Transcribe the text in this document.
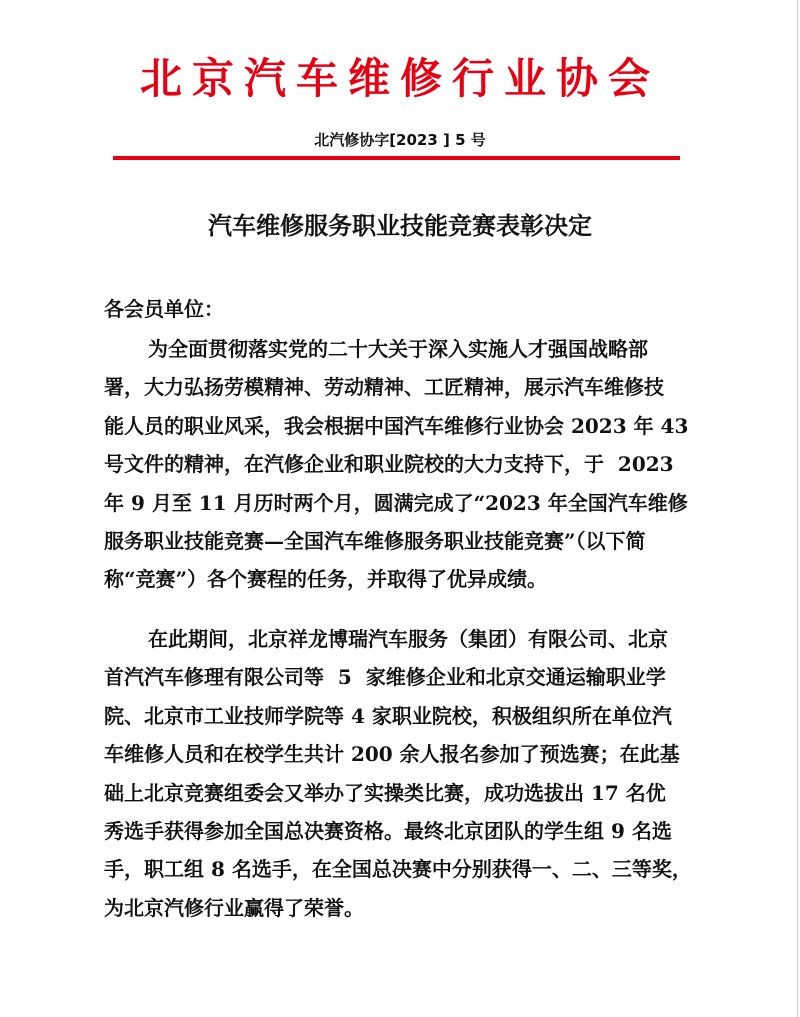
北京汽车维修行业协会
北汽修协字[2023 ] 5 号
汽车维修服务职业技能竞赛表彰决定
各会员单位：
为全面贯彻落实党的二十大关于深入实施人才强国战略部
署，大力弘扬劳模精神、劳动精神、工匠精神，展示汽车维修技
能人员的职业风采，我会根据中国汽车维修行业协会 2023 年 43
号文件的精神，在汽修企业和职业院校的大力支持下，于  2023
年 9 月至 11 月历时两个月，圆满完成了“2023 年全国汽车维修
服务职业技能竞赛—全国汽车维修服务职业技能竞赛”（以下简
称“竞赛”）各个赛程的任务，并取得了优异成绩。
在此期间，北京祥龙博瑞汽车服务（集团）有限公司、北京
首汽汽车修理有限公司等  5  家维修企业和北京交通运输职业学
院、北京市工业技师学院等 4 家职业院校，积极组织所在单位汽
车维修人员和在校学生共计 200 余人报名参加了预选赛；在此基
础上北京竞赛组委会又举办了实操类比赛，成功选拔出 17 名优
秀选手获得参加全国总决赛资格。最终北京团队的学生组 9 名选
手，职工组 8 名选手，在全国总决赛中分别获得一、二、三等奖，
为北京汽修行业赢得了荣誉。
